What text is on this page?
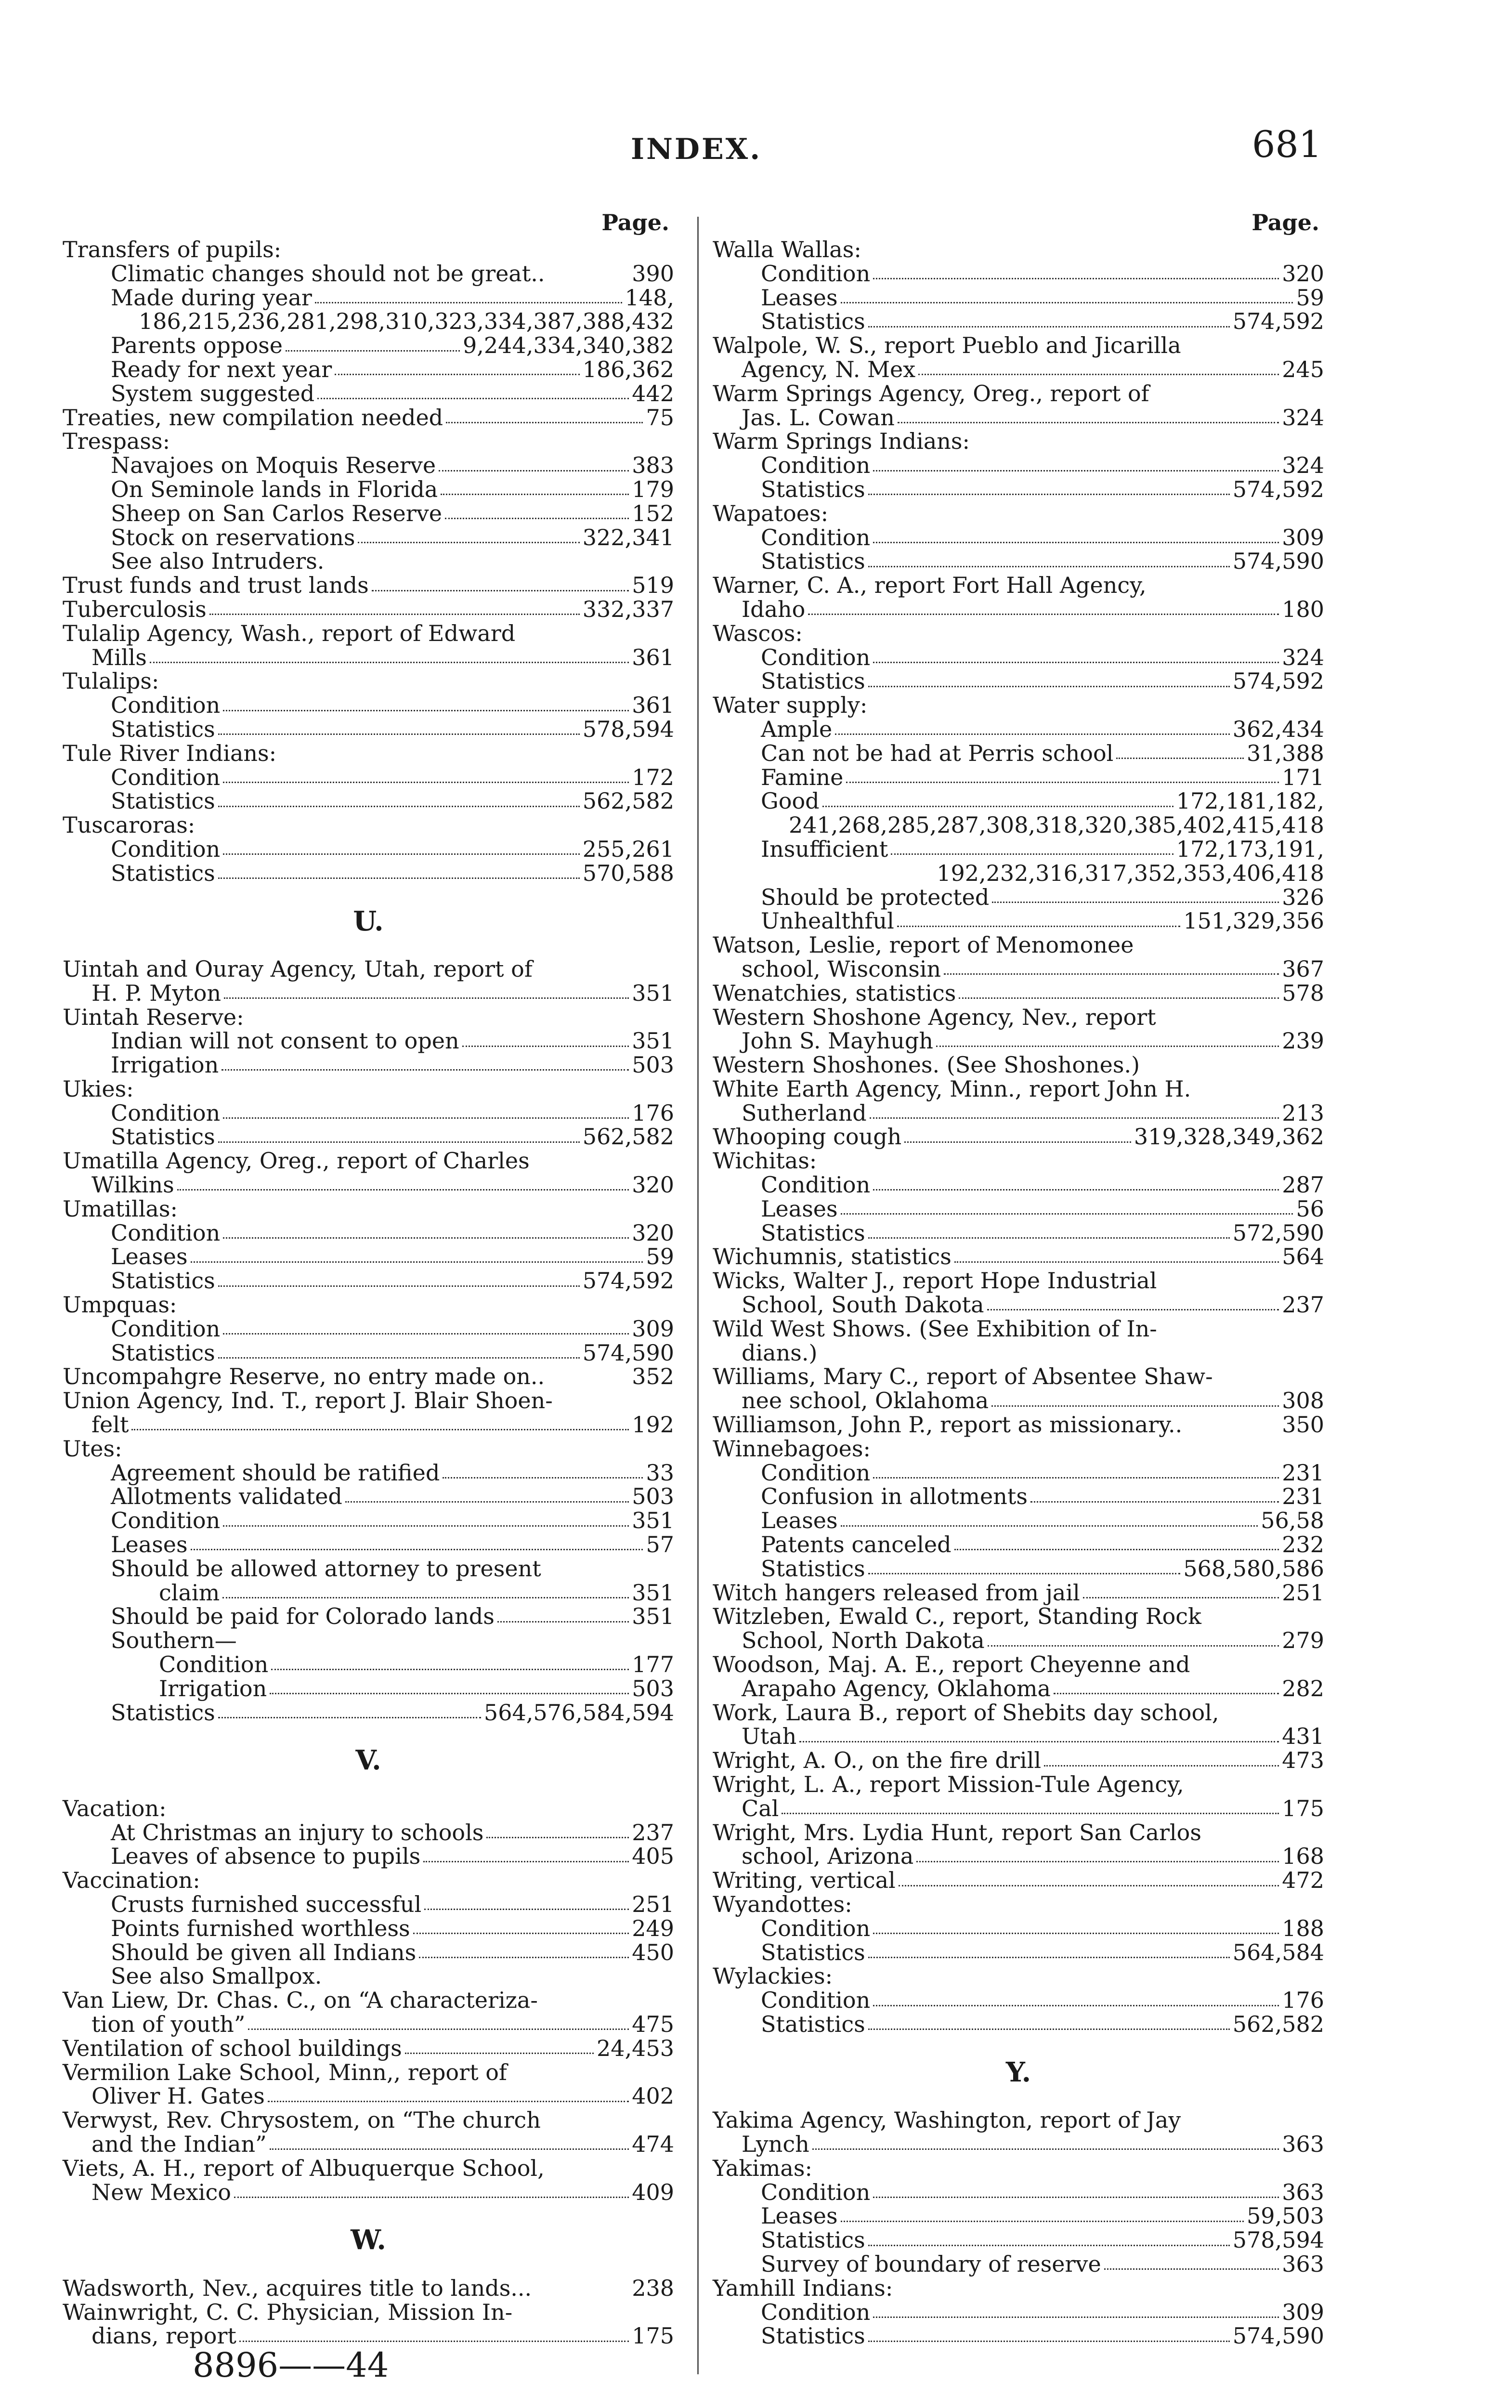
INDEX.	681
Page.
Transfers of pupils:
Climatic changes should not be great..	390
Made during year	148,
186,215,236,281,298,310,323,334,387,388,432
Parents oppose	9,244,334,340,382
Ready for next year	186,362
System suggested	442
Treaties, new compilation needed	75
Trespass:
Navajoes on Moquis Reserve	383
On Seminole lands in Florida	179
Sheep on San Carlos Reserve	152
Stock on reservations	322,341
See also Intruders.
Trust funds and trust lands	519
Tuberculosis	332,337
Tulalip Agency, Wash., report of Edward
Mills	361
Tulalips:
Condition	361
Statistics	578,594
Tule River Indians:
Condition	172
Statistics	562,582
Tuscaroras:
Condition	255,261
Statistics	570,588
U.
Uintah and Ouray Agency, Utah, report of
H. P. Myton	351
Uintah Reserve:
Indian will not consent to open	351
Irrigation	503
Ukies:
Condition	176
Statistics	562,582
Umatilla Agency, Oreg., report of Charles
Wilkins	320
Umatillas:
Condition	320
Leases	59
Statistics	574,592
Umpquas:
Condition	309
Statistics	574,590
Uncompahgre Reserve, no entry made on..	352
Union Agency, Ind. T., report J. Blair Shoen-
felt	192
Utes:
Agreement should be ratified	33
Allotments validated	503
Condition	351
Leases	57
Should be allowed attorney to present
claim	351
Should be paid for Colorado lands	351
Southern—
Condition	177
Irrigation	503
Statistics	564,576,584,594
V.
Vacation:
At Christmas an injury to schools	237
Leaves of absence to pupils	405
Vaccination:
Crusts furnished successful	251
Points furnished worthless	249
Should be given all Indians	450
See also Smallpox.
Van Liew, Dr. Chas. C., on “A characteriza-
tion of youth”	475
Ventilation of school buildings	24,453
Vermilion Lake School, Minn,, report of
Oliver H. Gates	402
Verwyst, Rev. Chrysostem, on “The church
and the Indian”	474
Viets, A. H., report of Albuquerque School,
New Mexico	409
W.
Wadsworth, Nev., acquires title to lands...	238
Wainwright, C. C. Physician, Mission In-
dians, report	175
Page.
Walla Wallas:
Condition	320
Leases	59
Statistics	574,592
Walpole, W. S., report Pueblo and Jicarilla
Agency, N. Mex	245
Warm Springs Agency, Oreg., report of
Jas. L. Cowan	324
Warm Springs Indians:
Condition	324
Statistics	574,592
Wapatoes:
Condition	309
Statistics	574,590
Warner, C. A., report Fort Hall Agency,
Idaho	180
Wascos:
Condition	324
Statistics	574,592
Water supply:
Ample	362,434
Can not be had at Perris school	31,388
Famine	171
Good	172,181,182,
241,268,285,287,308,318,320,385,402,415,418
Insufficient	172,173,191,
192,232,316,317,352,353,406,418
Should be protected	326
Unhealthful	151,329,356
Watson, Leslie, report of Menomonee
school, Wisconsin	367
Wenatchies, statistics	578
Western Shoshone Agency, Nev., report
John S. Mayhugh	239
Western Shoshones. (See Shoshones.)
White Earth Agency, Minn., report John H.
Sutherland	213
Whooping cough	319,328,349,362
Wichitas:
Condition	287
Leases	56
Statistics	572,590
Wichumnis, statistics	564
Wicks, Walter J., report Hope Industrial
School, South Dakota	237
Wild West Shows. (See Exhibition of In-
dians.)
Williams, Mary C., report of Absentee Shaw-
nee school, Oklahoma	308
Williamson, John P., report as missionary..	350
Winnebagoes:
Condition	231
Confusion in allotments	231
Leases	56,58
Patents canceled	232
Statistics	568,580,586
Witch hangers released from jail	251
Witzleben, Ewald C., report, Standing Rock
School, North Dakota	279
Woodson, Maj. A. E., report Cheyenne and
Arapaho Agency, Oklahoma	282
Work, Laura B., report of Shebits day school,
Utah	431
Wright, A. O., on the fire drill	473
Wright, L. A., report Mission-Tule Agency,
Cal	175
Wright, Mrs. Lydia Hunt, report San Carlos
school, Arizona	168
Writing, vertical	472
Wyandottes:
Condition	188
Statistics	564,584
Wylackies:
Condition	176
Statistics	562,582
Y.
Yakima Agency, Washington, report of Jay
Lynch	363
Yakimas:
Condition	363
Leases	59,503
Statistics	578,594
Survey of boundary of reserve	363
Yamhill Indians:
Condition	309
Statistics	574,590
8896——44
